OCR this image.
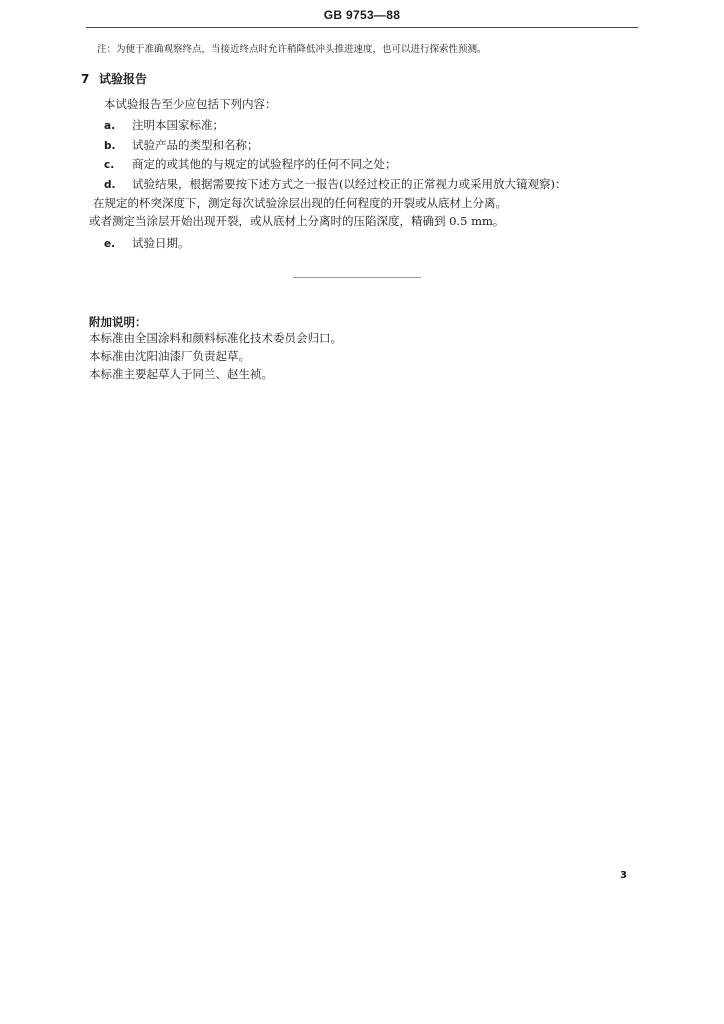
GB 9753—88
注：为便于准确观察终点，当接近终点时允许稍降低冲头推进速度，也可以进行探索性预测。
7 试验报告
本试验报告至少应包括下列内容：
a. 注明本国家标准；
b. 试验产品的类型和名称；
c. 商定的或其他的与规定的试验程序的任何不同之处；
d. 试验结果，根据需要按下述方式之一报告(以经过校正的正常视力或采用放大镜观察)：
在规定的杯突深度下，测定每次试验涂层出现的任何程度的开裂或从底材上分离。
或者测定当涂层开始出现开裂，或从底材上分离时的压陷深度，精确到 0.5 mm。
e. 试验日期。
附加说明：
本标准由全国涂料和颜料标准化技术委员会归口。
本标准由沈阳油漆厂负责起草。
本标准主要起草人于同兰、赵生祯。
3
